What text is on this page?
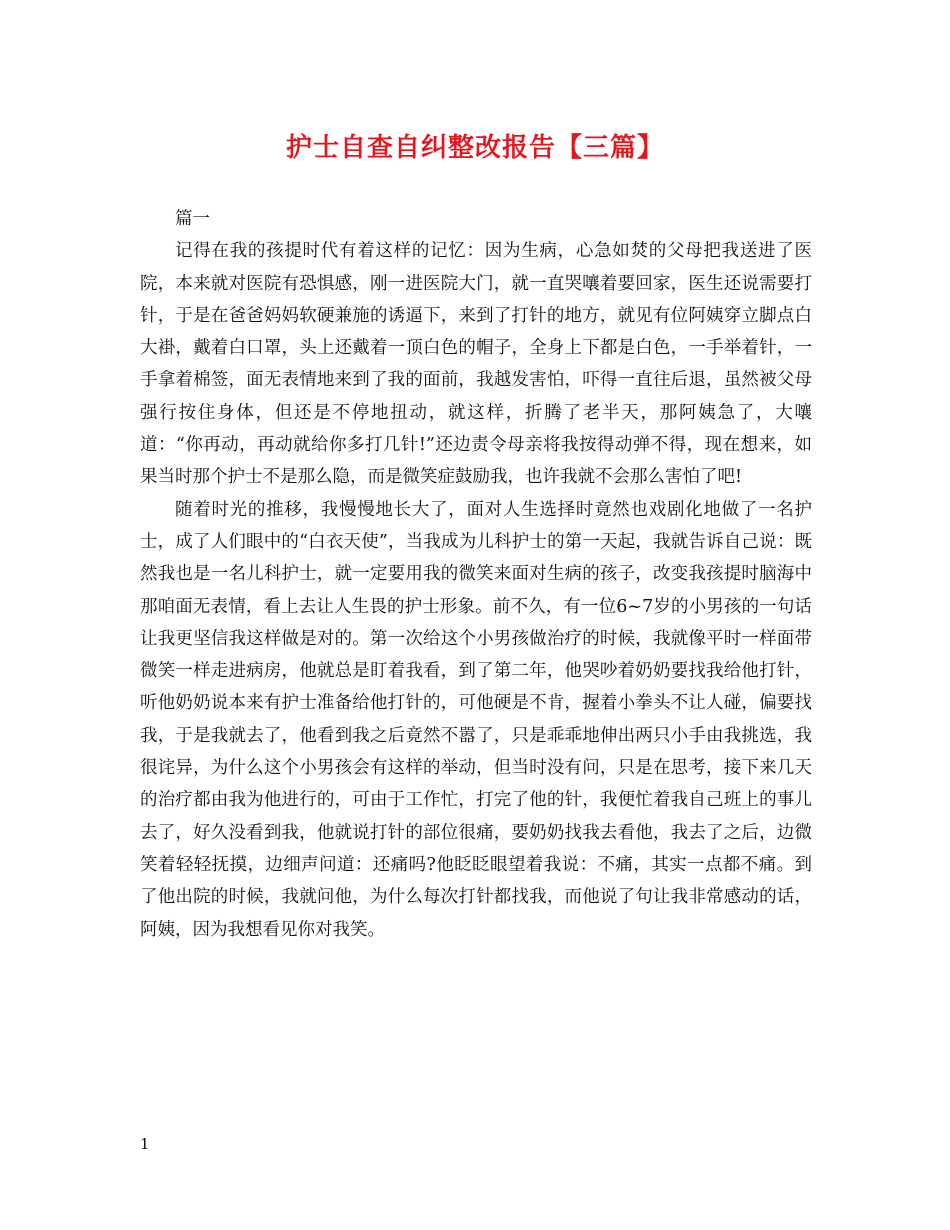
护士自查自纠整改报告【三篇】

篇一

记得在我的孩提时代有着这样的记忆：因为生病，心急如焚的父母把我送进了医院，本来就对医院有恐惧感，刚一进医院大门，就一直哭嚷着要回家，医生还说需要打针，于是在爸爸妈妈软硬兼施的诱逼下，来到了打针的地方，就见有位阿姨穿立脚点白大褂，戴着白口罩，头上还戴着一顶白色的帽子，全身上下都是白色，一手举着针，一手拿着棉签，面无表情地来到了我的面前，我越发害怕，吓得一直往后退，虽然被父母强行按住身体，但还是不停地扭动，就这样，折腾了老半天，那阿姨急了，大嚷道：“你再动，再动就给你多打几针!”还边责令母亲将我按得动弹不得，现在想来，如果当时那个护士不是那么隐，而是微笑症鼓励我，也许我就不会那么害怕了吧!

随着时光的推移，我慢慢地长大了，面对人生选择时竟然也戏剧化地做了一名护士，成了人们眼中的“白衣天使”，当我成为儿科护士的第一天起，我就告诉自己说：既然我也是一名儿科护士，就一定要用我的微笑来面对生病的孩子，改变我孩提时脑海中那咱面无表情，看上去让人生畏的护士形象。前不久，有一位6~7岁的小男孩的一句话让我更坚信我这样做是对的。第一次给这个小男孩做治疗的时候，我就像平时一样面带微笑一样走进病房，他就总是盯着我看，到了第二年，他哭吵着奶奶要找我给他打针，听他奶奶说本来有护士准备给他打针的，可他硬是不肯，握着小拳头不让人碰，偏要找我，于是我就去了，他看到我之后竟然不嚣了，只是乖乖地伸出两只小手由我挑选，我很诧异，为什么这个小男孩会有这样的举动，但当时没有问，只是在思考，接下来几天的治疗都由我为他进行的，可由于工作忙，打完了他的针，我便忙着我自己班上的事儿去了，好久没看到我，他就说打针的部位很痛，要奶奶找我去看他，我去了之后，边微笑着轻轻抚摸，边细声问道：还痛吗?他眨眨眼望着我说：不痛，其实一点都不痛。到了他出院的时候，我就问他，为什么每次打针都找我，而他说了句让我非常感动的话，阿姨，因为我想看见你对我笑。

1
